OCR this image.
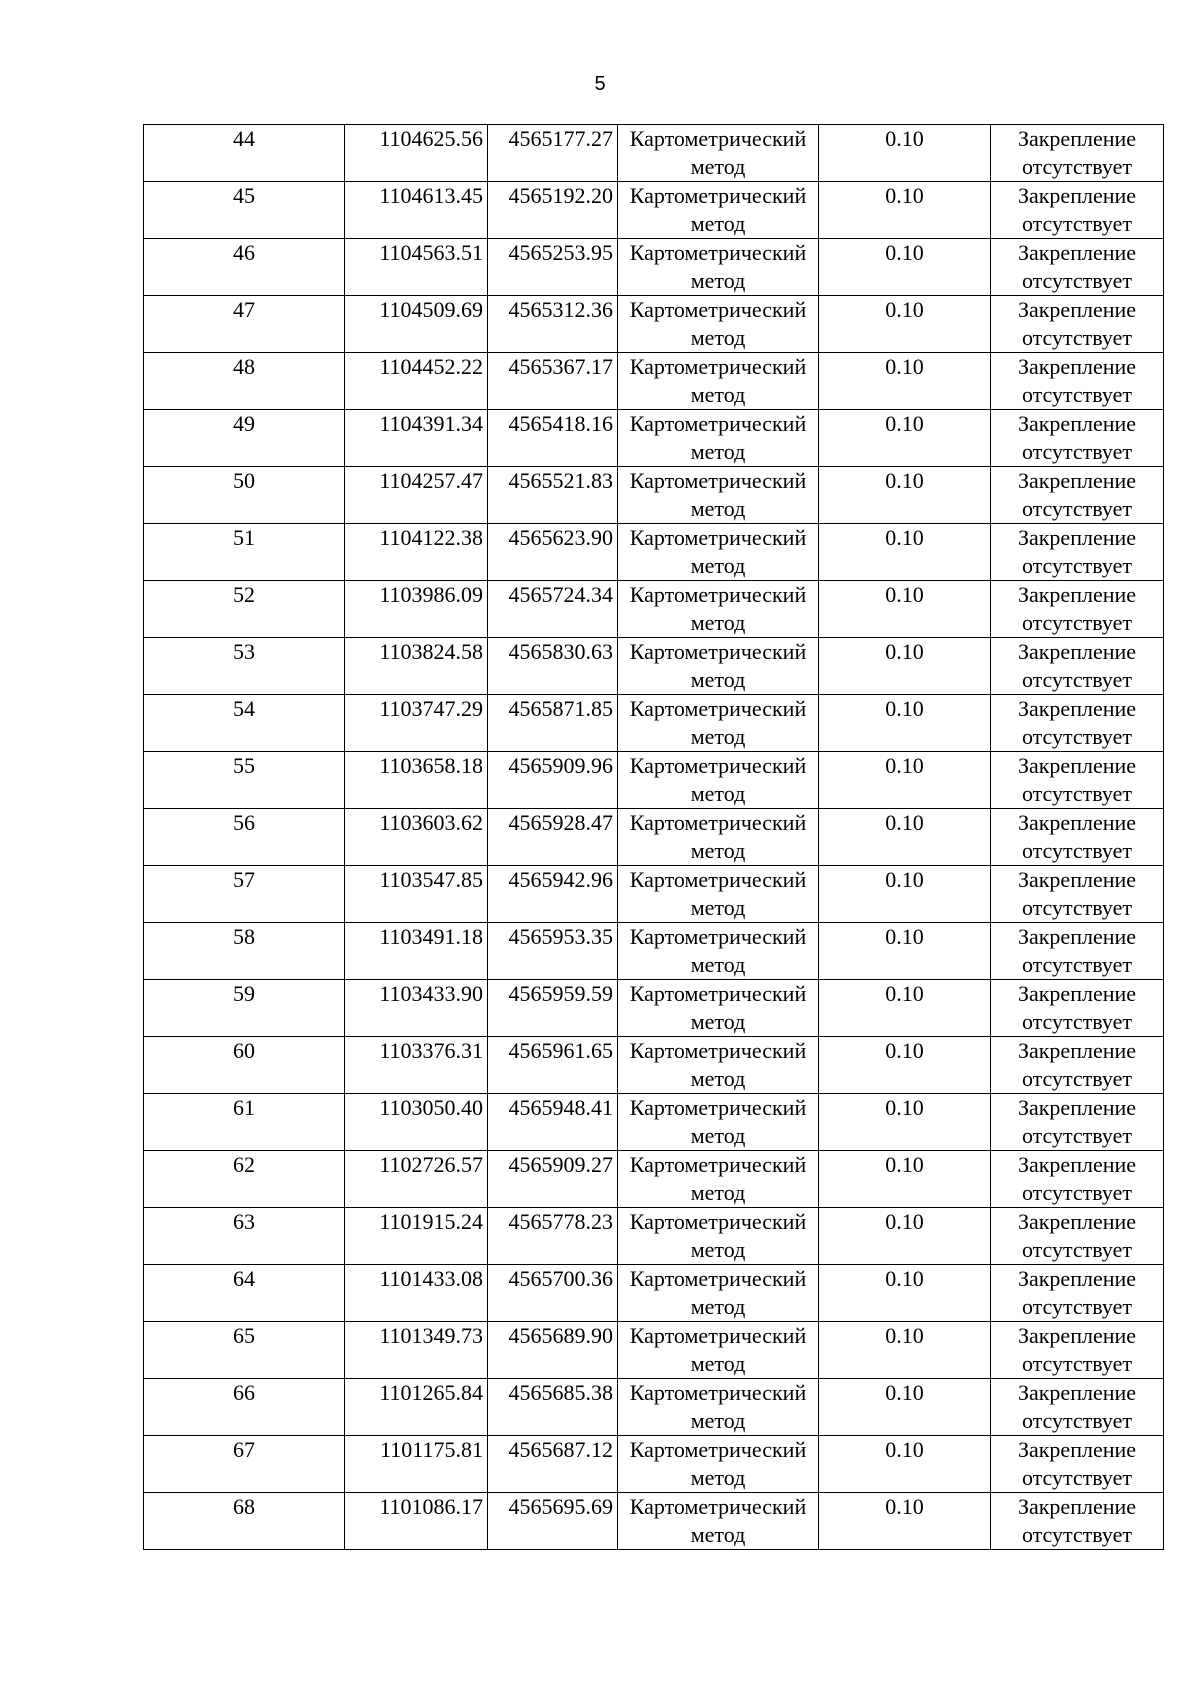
5
44	1104625.56	4565177.27	Картометрический
метод	0.10	Закрепление
отсутствует

45	1104613.45	4565192.20	Картометрический
метод	0.10	Закрепление
отсутствует

46	1104563.51	4565253.95	Картометрический
метод	0.10	Закрепление
отсутствует

47	1104509.69	4565312.36	Картометрический
метод	0.10	Закрепление
отсутствует

48	1104452.22	4565367.17	Картометрический
метод	0.10	Закрепление
отсутствует

49	1104391.34	4565418.16	Картометрический
метод	0.10	Закрепление
отсутствует

50	1104257.47	4565521.83	Картометрический
метод	0.10	Закрепление
отсутствует

51	1104122.38	4565623.90	Картометрический
метод	0.10	Закрепление
отсутствует

52	1103986.09	4565724.34	Картометрический
метод	0.10	Закрепление
отсутствует

53	1103824.58	4565830.63	Картометрический
метод	0.10	Закрепление
отсутствует

54	1103747.29	4565871.85	Картометрический
метод	0.10	Закрепление
отсутствует

55	1103658.18	4565909.96	Картометрический
метод	0.10	Закрепление
отсутствует

56	1103603.62	4565928.47	Картометрический
метод	0.10	Закрепление
отсутствует

57	1103547.85	4565942.96	Картометрический
метод	0.10	Закрепление
отсутствует

58	1103491.18	4565953.35	Картометрический
метод	0.10	Закрепление
отсутствует

59	1103433.90	4565959.59	Картометрический
метод	0.10	Закрепление
отсутствует

60	1103376.31	4565961.65	Картометрический
метод	0.10	Закрепление
отсутствует

61	1103050.40	4565948.41	Картометрический
метод	0.10	Закрепление
отсутствует

62	1102726.57	4565909.27	Картометрический
метод	0.10	Закрепление
отсутствует

63	1101915.24	4565778.23	Картометрический
метод	0.10	Закрепление
отсутствует

64	1101433.08	4565700.36	Картометрический
метод	0.10	Закрепление
отсутствует

65	1101349.73	4565689.90	Картометрический
метод	0.10	Закрепление
отсутствует

66	1101265.84	4565685.38	Картометрический
метод	0.10	Закрепление
отсутствует

67	1101175.81	4565687.12	Картометрический
метод	0.10	Закрепление
отсутствует

68	1101086.17	4565695.69	Картометрический
метод	0.10	Закрепление
отсутствует
